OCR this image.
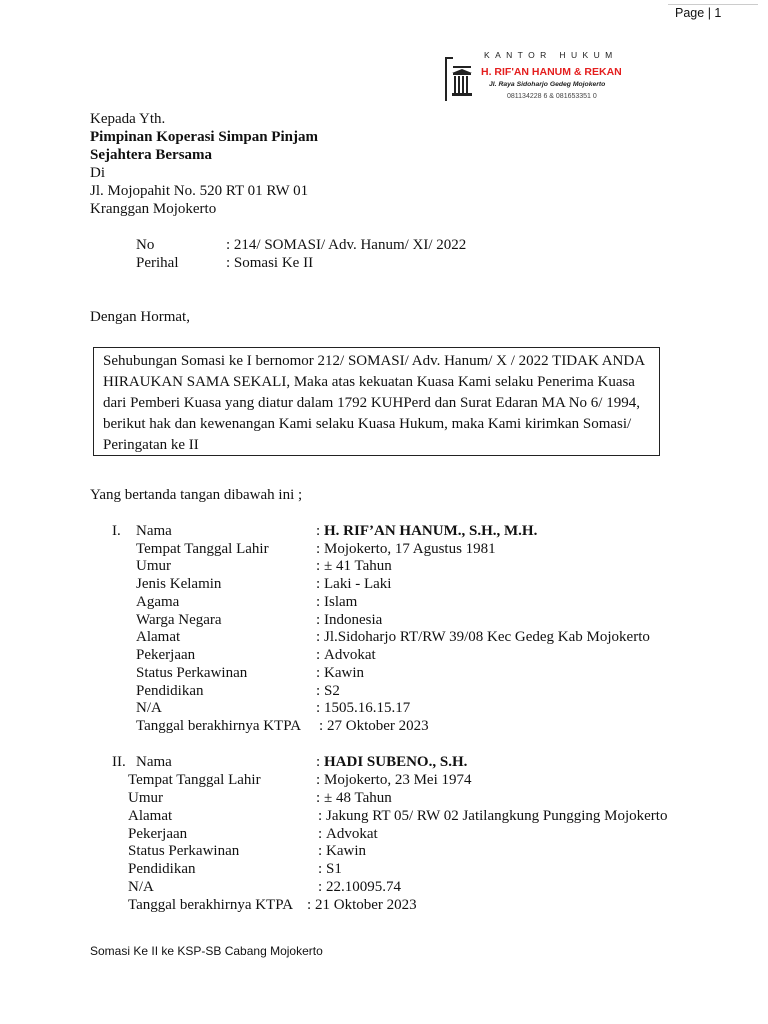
Page | 1
KANTOR HUKUM
H. RIF'AN HANUM & REKAN
Jl. Raya Sidoharjo Gedeg Mojokerto
081134228 6 & 081653351 0
Kepada Yth.
Pimpinan Koperasi Simpan Pinjam
Sejahtera Bersama
Di
Jl. Mojopahit No. 520 RT 01 RW 01
Kranggan Mojokerto
No	: 214/ SOMASI/ Adv. Hanum/ XI/ 2022
Perihal	: Somasi Ke II
Dengan Hormat,
Sehubungan Somasi ke I bernomor 212/ SOMASI/ Adv. Hanum/ X / 2022 TIDAK ANDA HIRAUKAN SAMA SEKALI, Maka atas kekuatan Kuasa Kami selaku Penerima Kuasa dari Pemberi Kuasa yang diatur dalam 1792 KUHPerd dan Surat Edaran MA No 6/ 1994, berikut hak dan kewenangan Kami selaku Kuasa Hukum, maka Kami kirimkan Somasi/ Peringatan ke II
Yang bertanda tangan dibawah ini ;
I. Nama	: H. RIF’AN HANUM., S.H., M.H.
Tempat Tanggal Lahir	: Mojokerto, 17 Agustus 1981
Umur	: ± 41 Tahun
Jenis Kelamin	: Laki - Laki
Agama	: Islam
Warga Negara	: Indonesia
Alamat	: Jl.Sidoharjo RT/RW 39/08 Kec Gedeg Kab Mojokerto
Pekerjaan	: Advokat
Status Perkawinan	: Kawin
Pendidikan	: S2
N/A	: 1505.16.15.17
Tanggal berakhirnya KTPA : 27 Oktober 2023
II. Nama	: HADI SUBENO., S.H.
Tempat Tanggal Lahir	: Mojokerto, 23 Mei 1974
Umur	: ± 48 Tahun
Alamat	: Jakung RT 05/ RW 02 Jatilangkung Pungging Mojokerto
Pekerjaan	: Advokat
Status Perkawinan	: Kawin
Pendidikan	: S1
N/A	: 22.10095.74
Tanggal berakhirnya KTPA : 21 Oktober 2023
Somasi Ke II ke KSP-SB Cabang Mojokerto
